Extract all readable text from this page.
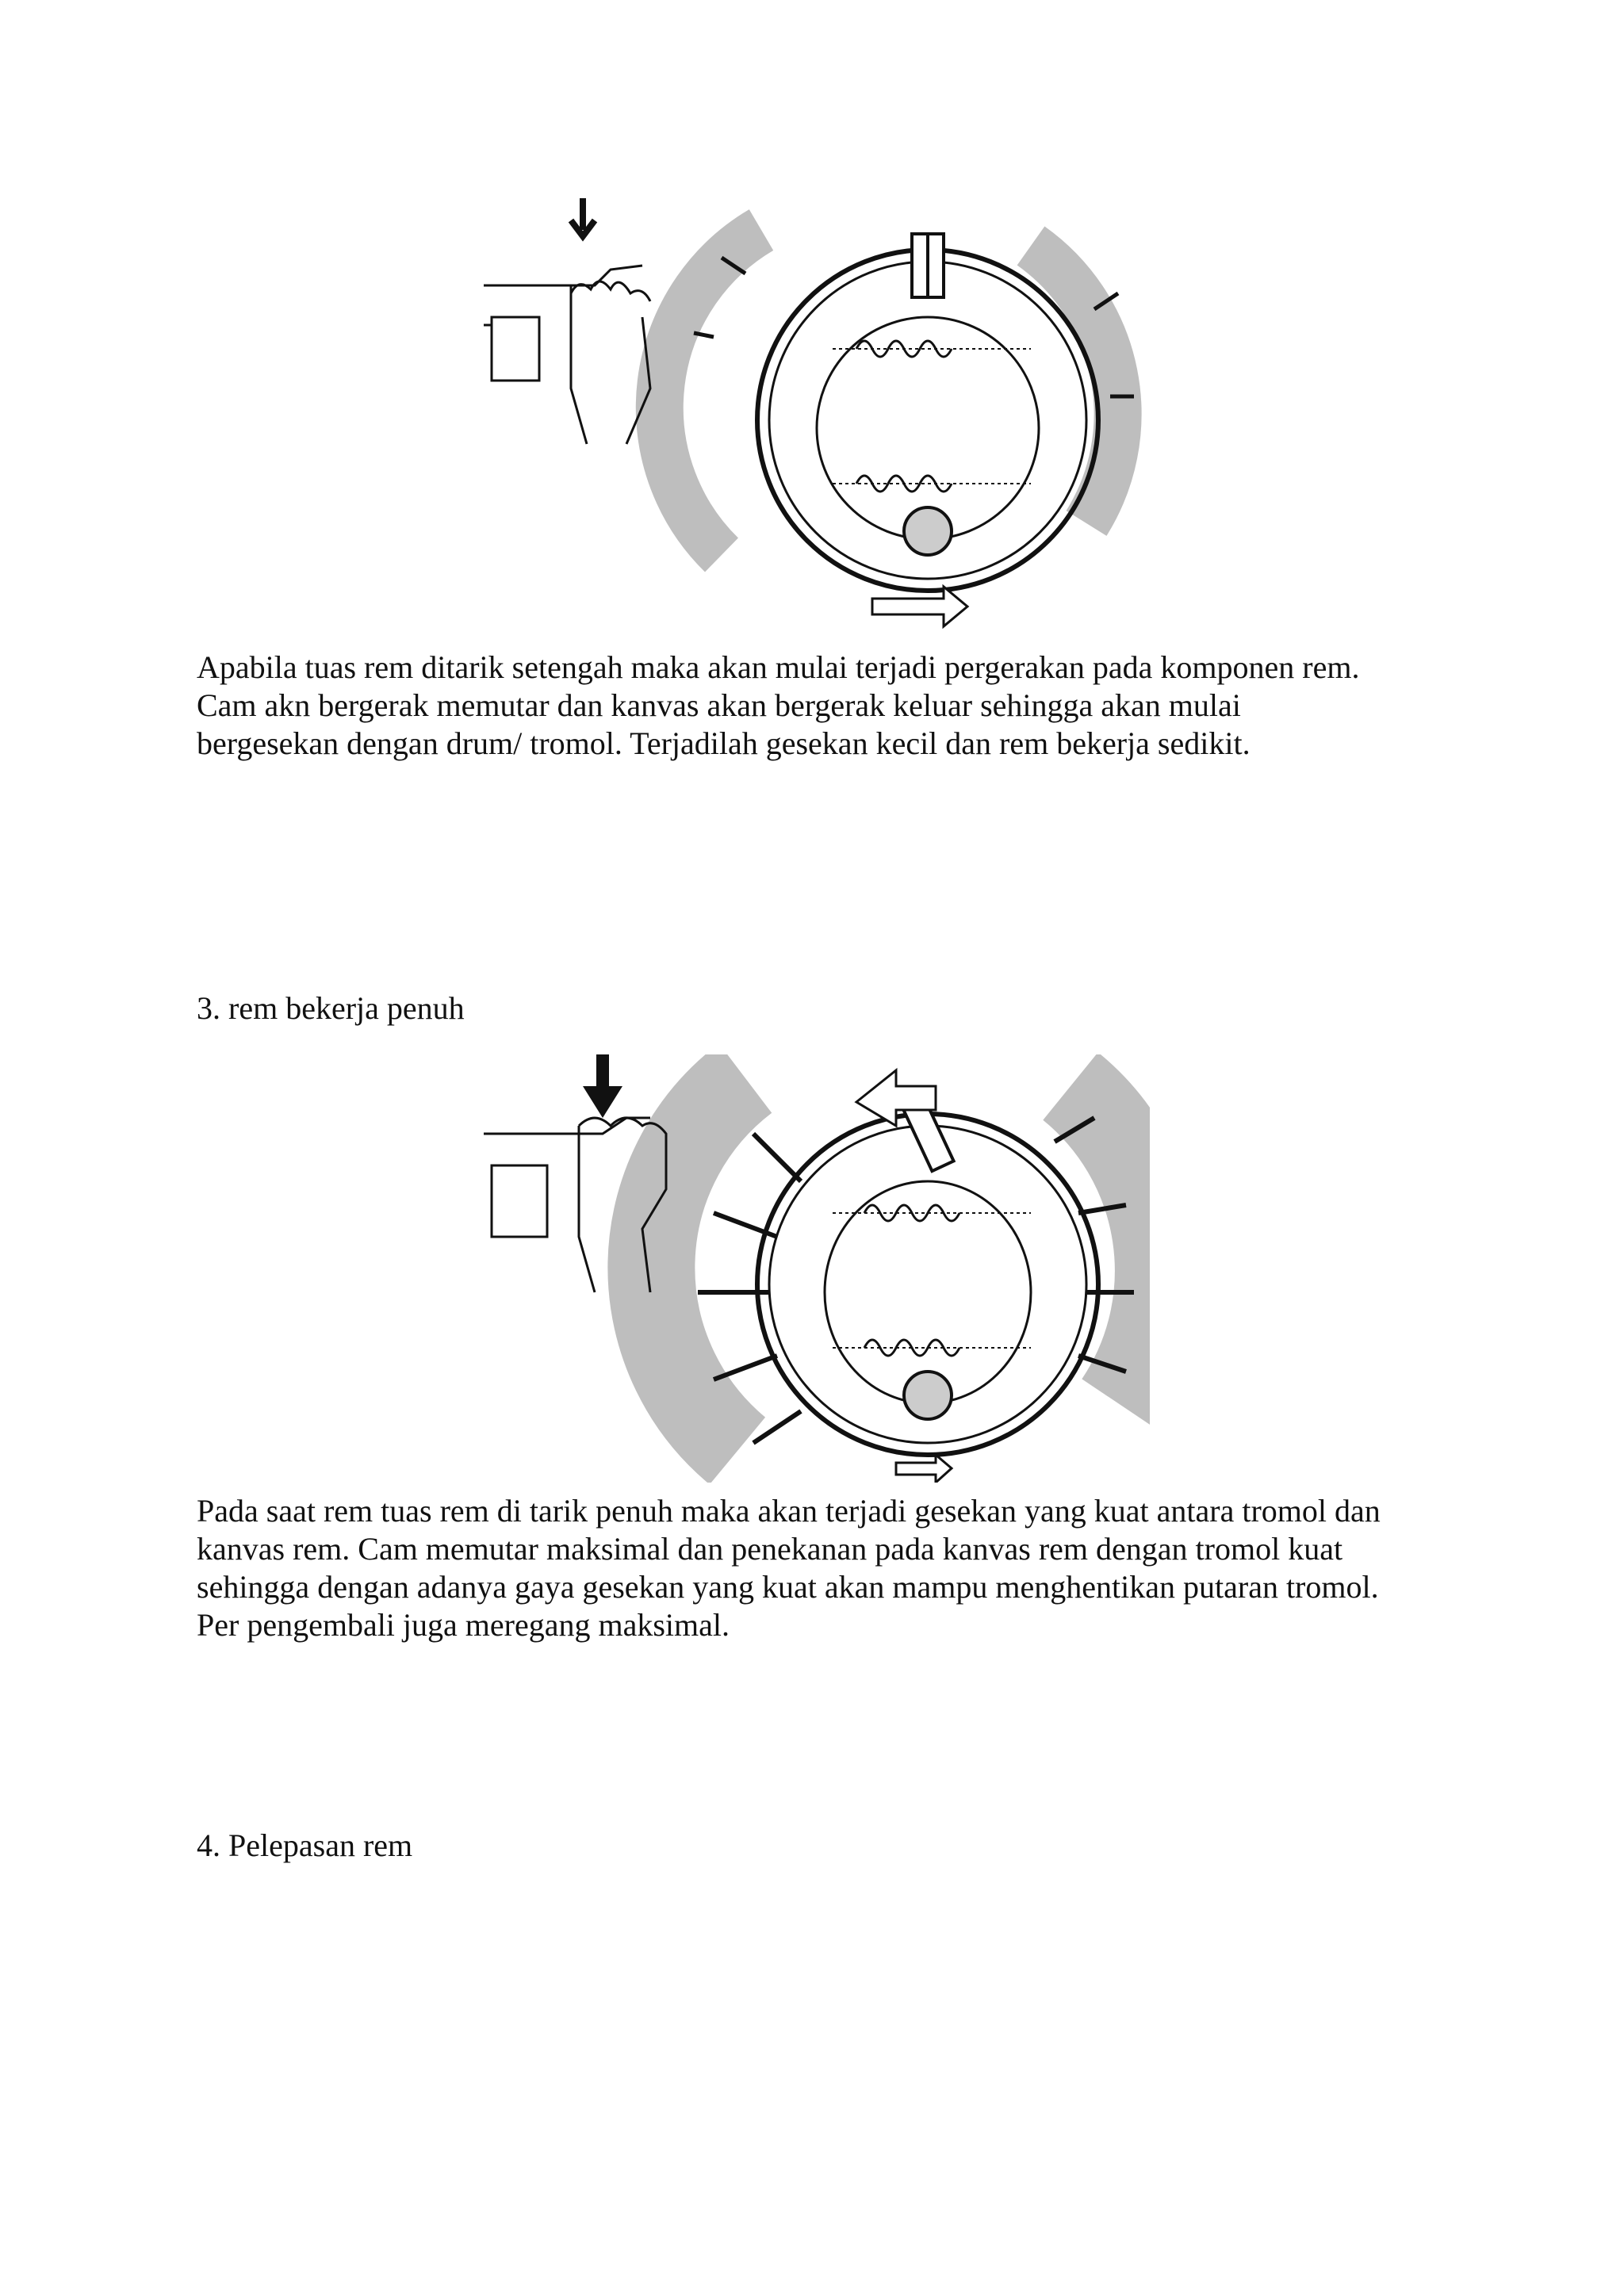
Apabila tuas rem ditarik setengah maka akan mulai terjadi pergerakan pada komponen rem.
Cam akn bergerak memutar dan kanvas akan bergerak keluar sehingga akan mulai
bergesekan dengan drum/ tromol. Terjadilah gesekan kecil dan rem bekerja sedikit.
3. rem bekerja penuh
Pada saat rem tuas rem di tarik penuh maka akan terjadi gesekan yang kuat antara tromol dan
kanvas rem. Cam memutar maksimal dan penekanan pada kanvas rem dengan tromol kuat
sehingga dengan adanya gaya gesekan yang kuat akan mampu menghentikan putaran tromol.
Per pengembali juga meregang maksimal.
4. Pelepasan rem
